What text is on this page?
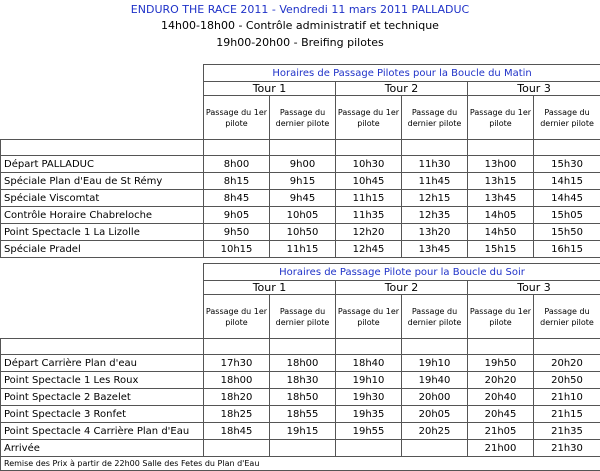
ENDURO THE RACE 2011 - Vendredi 11 mars 2011 PALLADUC
14h00-18h00 - Contrôle administratif et technique
19h00-20h00 - Breifing pilotes
	Horaires de Passage Pilotes pour la Boucle du Matin					
	Tour 1		Tour 2		Tour 3	
	Passage du 1er pilote	Passage du dernier pilote	Passage du 1er pilote	Passage du dernier pilote	Passage du 1er pilote	Passage du dernier pilote

Départ PALLADUC	8h00	9h00	10h30	11h30	13h00	15h30
Spéciale Plan d'Eau de St Rémy	8h15	9h15	10h45	11h45	13h15	14h15
Spéciale Viscomtat	8h45	9h45	11h15	12h15	13h45	14h45
Contrôle Horaire Chabreloche	9h05	10h05	11h35	12h35	14h05	15h05
Point Spectacle 1 La Lizolle	9h50	10h50	12h20	13h20	14h50	15h50
Spéciale Pradel	10h15	11h15	12h45	13h45	15h15	16h15
	Horaires de Passage Pilote pour la Boucle du Soir					
	Tour 1		Tour 2		Tour 3	
	Passage du 1er pilote	Passage du dernier pilote	Passage du 1er pilote	Passage du dernier pilote	Passage du 1er pilote	Passage du dernier pilote

Départ Carrière Plan d'eau	17h30	18h00	18h40	19h10	19h50	20h20
Point Spectacle 1 Les Roux	18h00	18h30	19h10	19h40	20h20	20h50
Point Spectacle 2 Bazelet	18h20	18h50	19h30	20h00	20h40	21h10
Point Spectacle 3 Ronfet	18h25	18h55	19h35	20h05	20h45	21h15
Point Spectacle 4 Carrière Plan d'Eau	18h45	19h15	19h55	20h25	21h05	21h35
Arrivée					21h00	21h30
Remise des Prix à partir de 22h00 Salle des Fetes du Plan d'Eau						
